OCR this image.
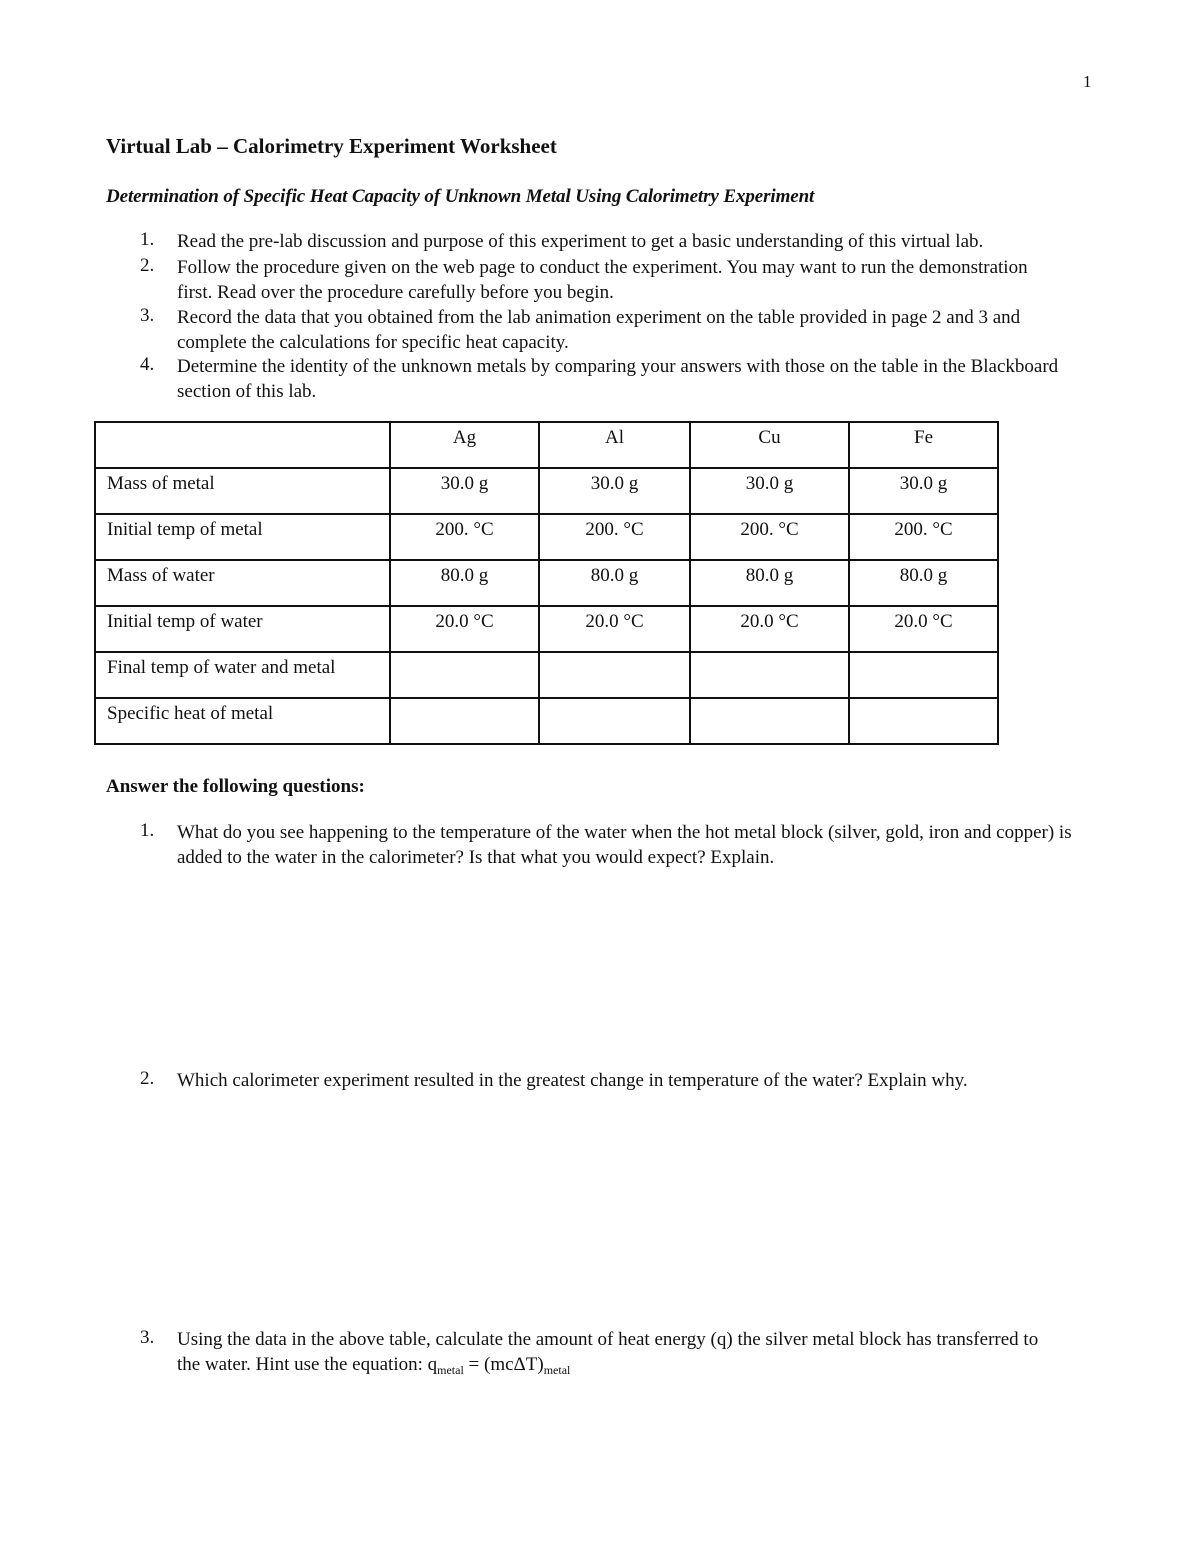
1
Virtual Lab – Calorimetry Experiment Worksheet
Determination of Specific Heat Capacity of Unknown Metal Using Calorimetry Experiment
1.	Read the pre-lab discussion and purpose of this experiment to get a basic understanding of this virtual lab.
2.	Follow the procedure given on the web page to conduct the experiment. You may want to run the demonstration first. Read over the procedure carefully before you begin.
3.	Record the data that you obtained from the lab animation experiment on the table provided in page 2 and 3 and complete the calculations for specific heat capacity.
4.	Determine the identity of the unknown metals by comparing your answers with those on the table in the Blackboard section of this lab.
	Ag	Al	Cu	Fe
Mass of metal	30.0 g	30.0 g	30.0 g	30.0 g
Initial temp of metal	200. °C	200. °C	200. °C	200. °C
Mass of water	80.0 g	80.0 g	80.0 g	80.0 g
Initial temp of water	20.0 °C	20.0 °C	20.0 °C	20.0 °C
Final temp of water and metal				
Specific heat of metal				
Answer the following questions:
1.	What do you see happening to the temperature of the water when the hot metal block (silver, gold, iron and copper) is added to the water in the calorimeter? Is that what you would expect? Explain.
2.	Which calorimeter experiment resulted in the greatest change in temperature of the water? Explain why.
3.	Using the data in the above table, calculate the amount of heat energy (q) the silver metal block has transferred to the water. Hint use the equation: $q_{metal} = (mc\Delta T)_{metal}$
